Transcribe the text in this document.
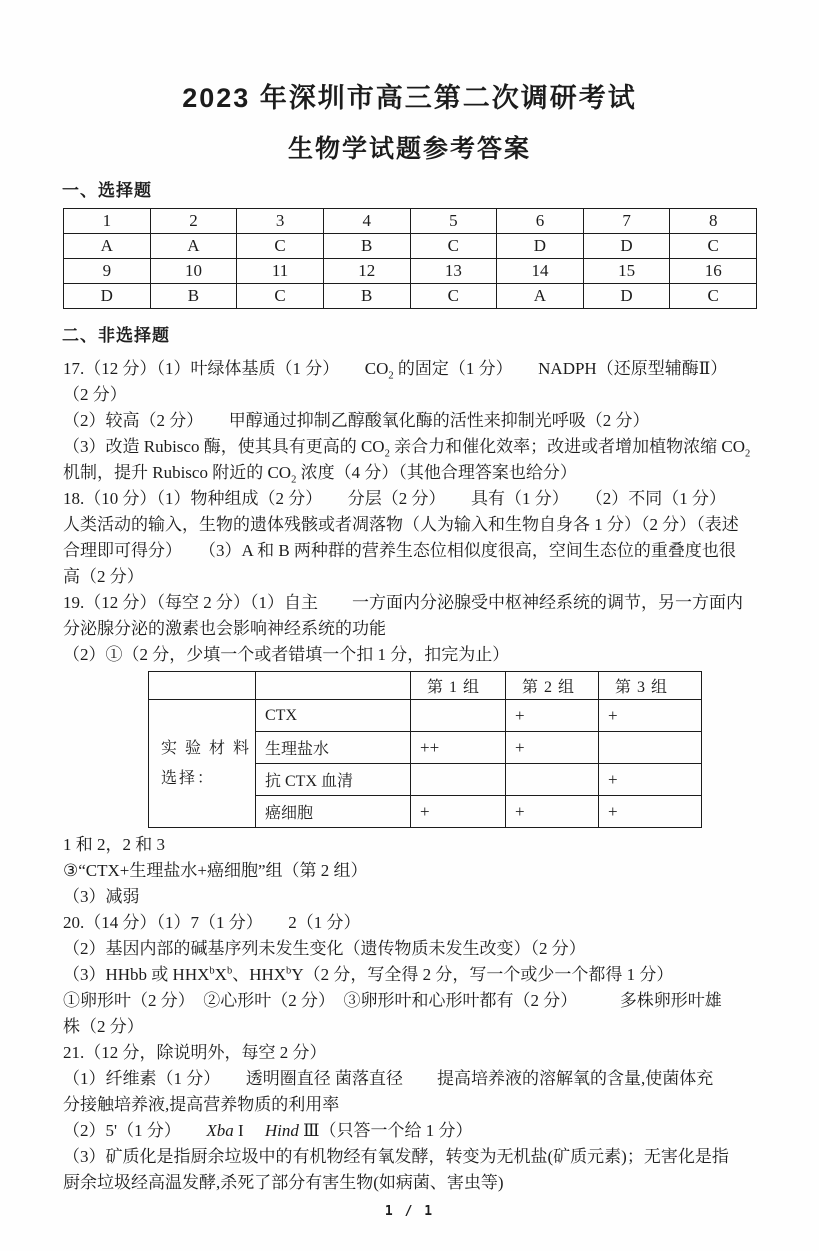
2023 年深圳市高三第二次调研考试
生物学试题参考答案
一、选择题
1	2	3	4	5	6	7	8
A	A	C	B	C	D	D	C
9	10	11	12	13	14	15	16
D	B	C	B	C	A	D	C
二、非选择题
17.（12 分）（1）叶绿体基质（1 分）　　$CO_2$ 的固定（1 分）　　NADPH（还原型辅酶Ⅱ）
（2 分）
（2）较高（2 分）　　甲醇通过抑制乙醇酸氧化酶的活性来抑制光呼吸（2 分）
（3）改造 Rubisco 酶，使其具有更高的 $CO_2$ 亲合力和催化效率；改进或者增加植物浓缩 $CO_2$
机制，提升 Rubisco 附近的 $CO_2$ 浓度（4 分）（其他合理答案也给分）
18.（10 分）（1）物种组成（2 分）　　分层（2 分）　　具有（1 分）　　（2）不同（1 分）
人类活动的输入，生物的遗体残骸或者凋落物（人为输入和生物自身各 1 分）（2 分）（表述
合理即可得分）　　（3）A 和 B 两种群的营养生态位相似度很高，空间生态位的重叠度也很
高（2 分）
19.（12 分）（每空 2 分）（1）自主　　一方面内分泌腺受中枢神经系统的调节，另一方面内
分泌腺分泌的激素也会影响神经系统的功能
（2）①（2 分，少填一个或者错填一个扣 1 分，扣完为止）
		第 1 组	第 2 组	第 3 组

实 验 材 料
选择：	CTX		+	+
	生理盐水	++	+	
	抗 CTX 血清			+
	癌细胞	+	+	+
1 和 2，2 和 3
③“CTX+生理盐水+癌细胞”组（第 2 组）
（3）减弱
20.（14 分）（1）7（1 分）　　2（1 分）
（2）基因内部的碱基序列未发生变化（遗传物质未发生改变）（2 分）
（3）HHbb 或 $HHX^bX^b$、HHX$^b$Y（2 分，写全得 2 分，写一个或少一个都得 1 分）
①卵形叶（2 分）　②心形叶（2 分）　③卵形叶和心形叶都有（2 分）　　　多株卵形叶雄
株（2 分）
21.（12 分，除说明外，每空 2 分）
（1）纤维素（1 分）　　透明圈直径 菌落直径　　提高培养液的溶解氧的含量,使菌体充
分接触培养液,提高营养物质的利用率
（2）5'（1 分）　　Xba I　 Hind Ⅲ（只答一个给 1 分）
（3）矿质化是指厨余垃圾中的有机物经有氧发酵，转变为无机盐(矿质元素)；无害化是指
厨余垃圾经高温发酵,杀死了部分有害生物(如病菌、害虫等)
1 / 1
